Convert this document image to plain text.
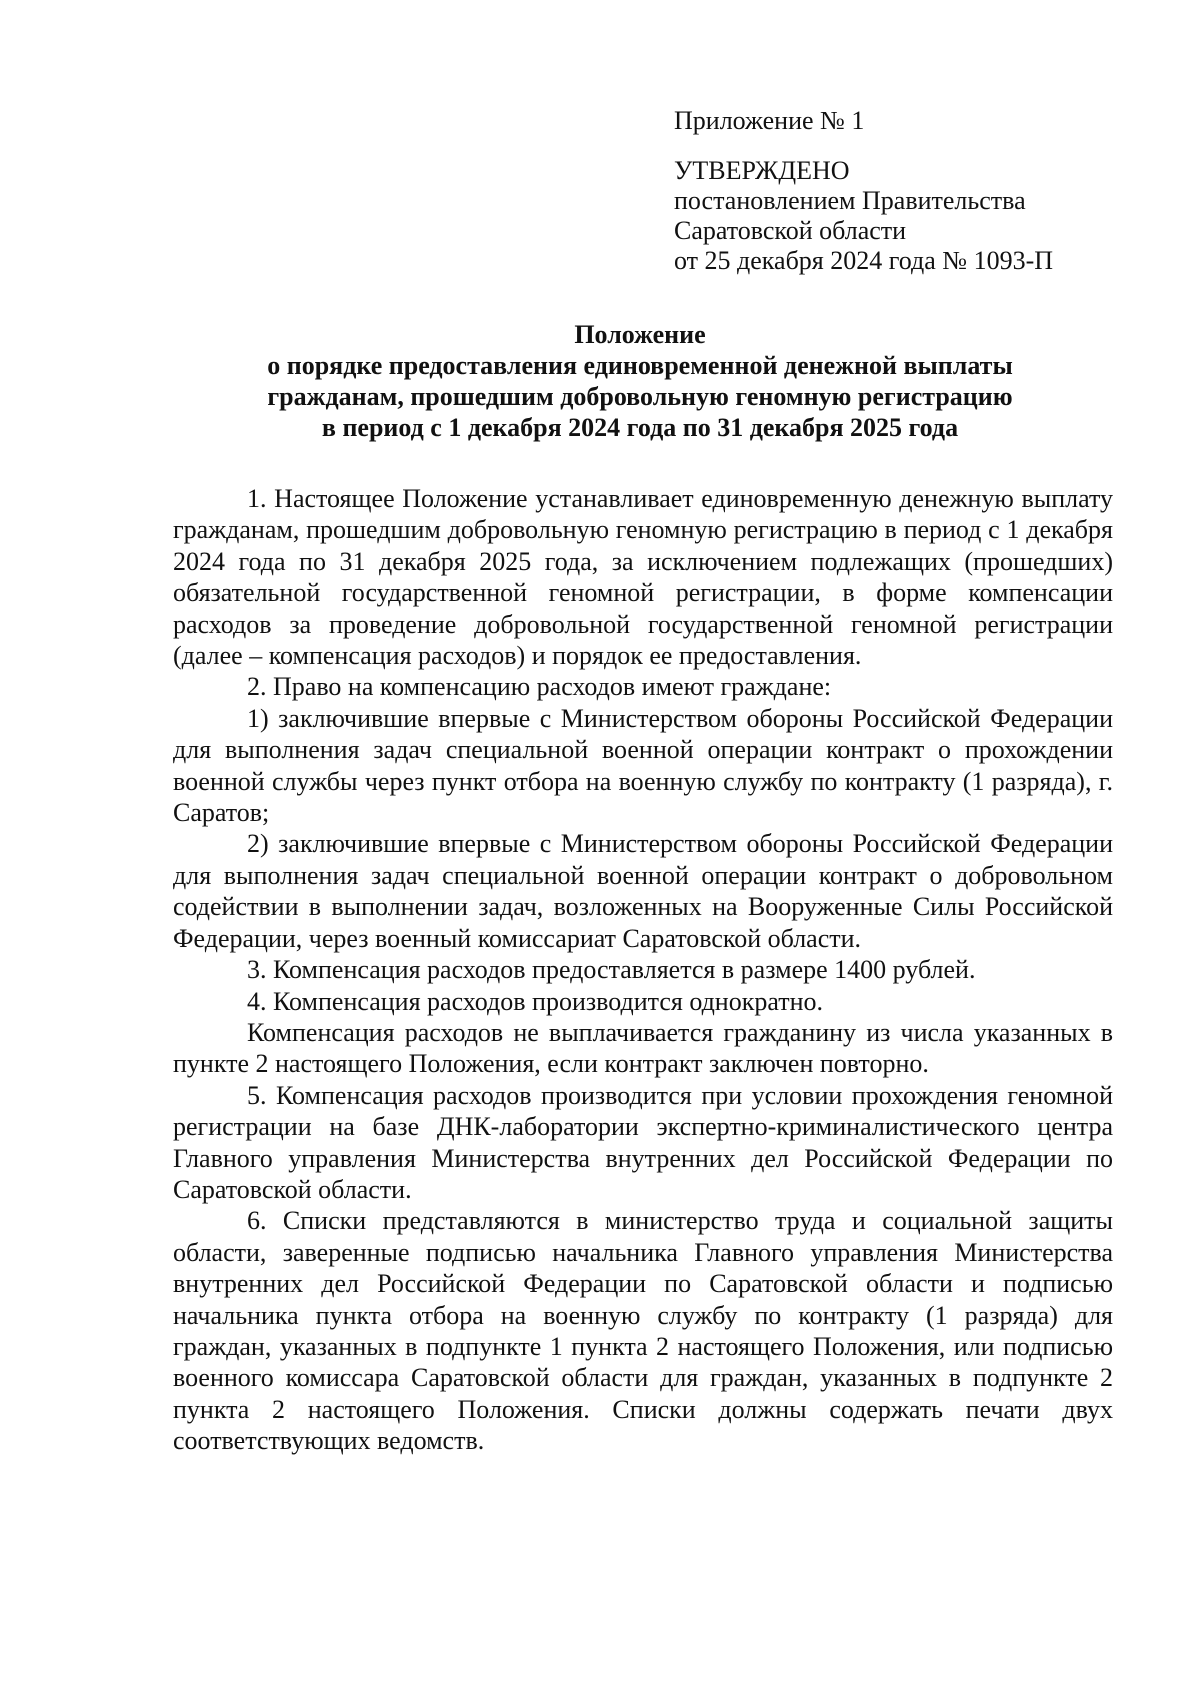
Приложение № 1
УТВЕРЖДЕНО
постановлением Правительства
Саратовской области
от 25 декабря 2024 года № 1093-П
Положение
о порядке предоставления единовременной денежной выплаты
гражданам, прошедшим добровольную геномную регистрацию
в период с 1 декабря 2024 года по 31 декабря 2025 года

1. Настоящее Положение устанавливает единовременную денежную выплату гражданам, прошедшим добровольную геномную регистрацию в период с 1 декабря 2024 года по 31 декабря 2025 года, за исключением подлежащих (прошедших) обязательной государственной геномной регистрации, в форме компенсации расходов за проведение добровольной государственной геномной регистрации (далее – компенсация расходов) и порядок ее предоставления.

2. Право на компенсацию расходов имеют граждане:

1) заключившие впервые с Министерством обороны Российской Федерации для выполнения задач специальной военной операции контракт о прохождении военной службы через пункт отбора на военную службу по контракту (1 разряда), г. Саратов;

2) заключившие впервые с Министерством обороны Российской Федерации для выполнения задач специальной военной операции контракт о добровольном содействии в выполнении задач, возложенных на Вооруженные Силы Российской Федерации, через военный комиссариат Саратовской области.

3. Компенсация расходов предоставляется в размере 1400 рублей.

4. Компенсация расходов производится однократно.

Компенсация расходов не выплачивается гражданину из числа указанных в пункте 2 настоящего Положения, если контракт заключен повторно.

5. Компенсация расходов производится при условии прохождения геномной регистрации на базе ДНК-лаборатории экспертно-криминалистического центра Главного управления Министерства внутренних дел Российской Федерации по Саратовской области.

6. Списки представляются в министерство труда и социальной защиты области, заверенные подписью начальника Главного управления Министерства внутренних дел Российской Федерации по Саратовской области и подписью начальника пункта отбора на военную службу по контракту (1 разряда) для граждан, указанных в подпункте 1 пункта 2 настоящего Положения, или подписью военного комиссара Саратовской области для граждан, указанных в подпункте 2 пункта 2 настоящего Положения. Списки должны содержать печати двух соответствующих ведомств.
